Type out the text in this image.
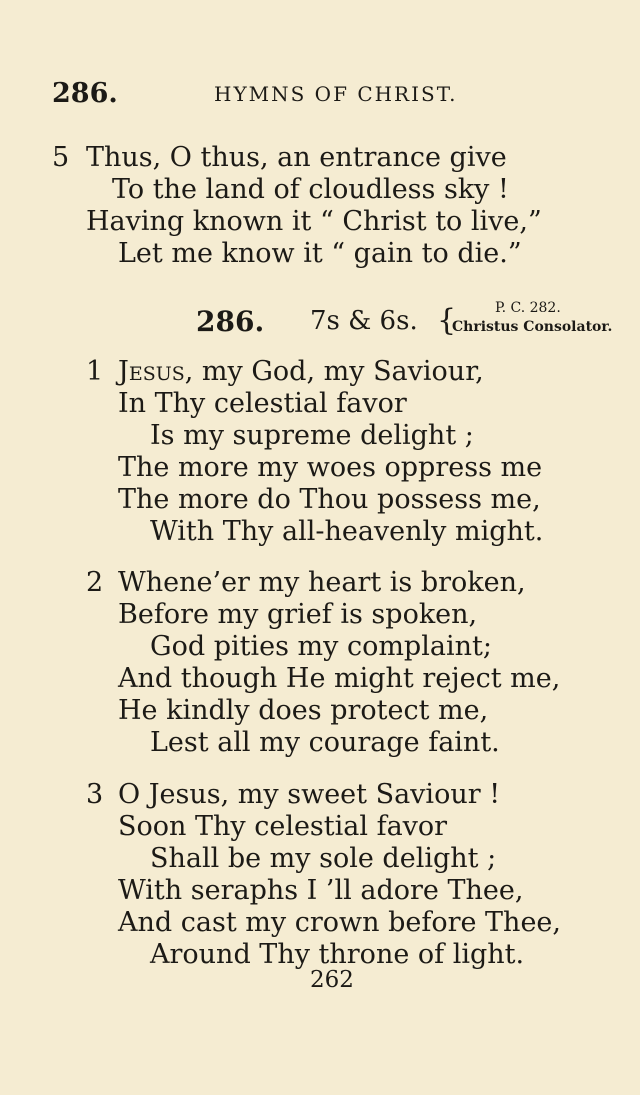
286.	HYMNS OF CHRIST.
5 Thus, O thus, an entrance give
To the land of cloudless sky !
Having known it “ Christ to live,”
Let me know it “ gain to die.”
286. 7s & 6s. {	P. C. 282.
Christus Consolator.
1 Jesus, my God, my Saviour,
In Thy celestial favor
Is my supreme delight ;
The more my woes oppress me
The more do Thou possess me,
With Thy all-heavenly might.
2 Whene’er my heart is broken,
Before my grief is spoken,
God pities my complaint;
And though He might reject me,
He kindly does protect me,
Lest all my courage faint.
3 O Jesus, my sweet Saviour !
Soon Thy celestial favor
Shall be my sole delight ;
With seraphs I ’ll adore Thee,
And cast my crown before Thee,
Around Thy throne of light.
262
